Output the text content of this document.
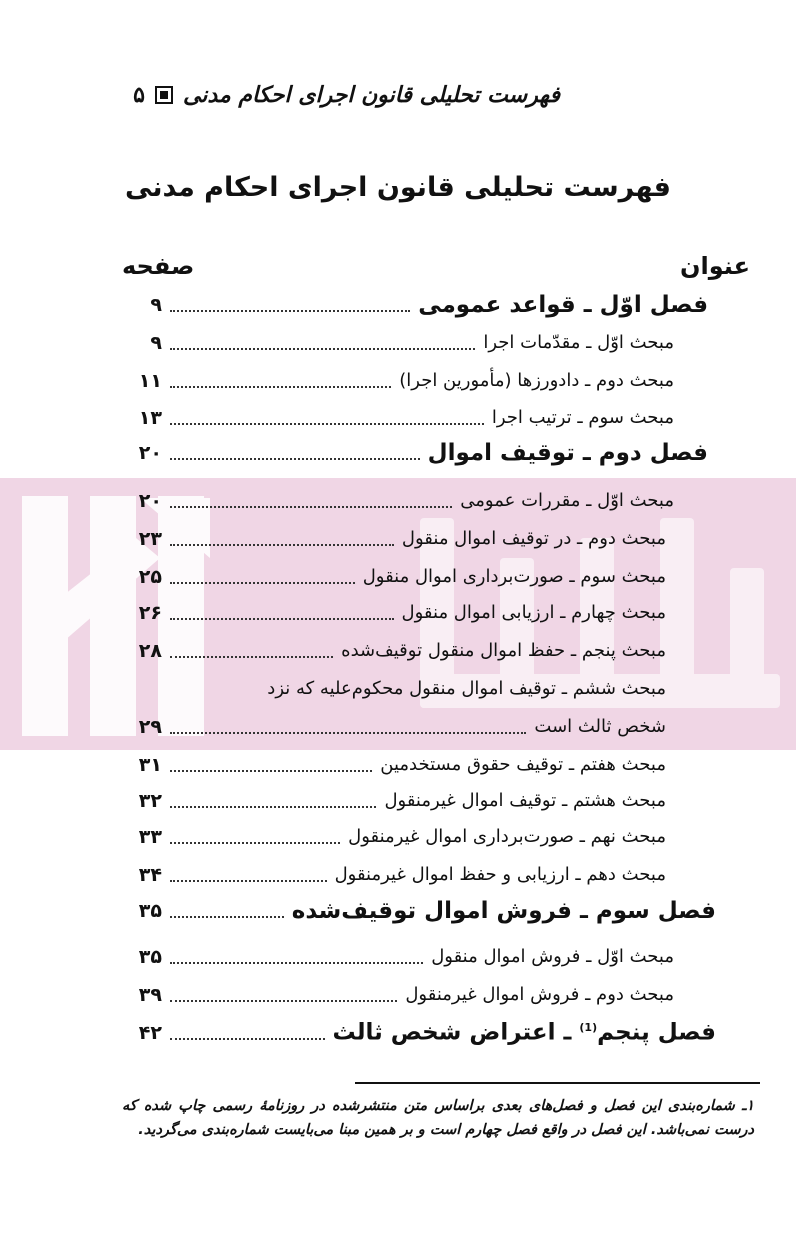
فهرست تحلیلی قانون اجرای احکام مدنی
۵
فهرست تحلیلی قانون اجرای احکام مدنی
عنوان
صفحه
فصل اوّل ـ قواعد عمومی
۹
مبحث اوّل ـ مقدّمات اجرا
۹
مبحث دوم ـ دادورزها (مأمورین اجرا)
۱۱
مبحث سوم ـ ترتیب اجرا
۱۳
فصل دوم ـ توقیف اموال
۲۰
مبحث اوّل ـ مقررات عمومی
۲۰
مبحث دوم ـ در توقیف اموال منقول
۲۳
مبحث سوم ـ صورت‌برداری اموال منقول
۲۵
مبحث چهارم ـ ارزیابی اموال منقول
۲۶
مبحث پنجم ـ حفظ اموال منقول توقیف‌شده
۲۸
مبحث ششم ـ توقیف اموال منقول محکوم‌علیه که نزد
شخص ثالث است
۲۹
مبحث هفتم ـ توقیف حقوق مستخدمین
۳۱
مبحث هشتم ـ توقیف اموال غیرمنقول
۳۲
مبحث نهم ـ صورت‌برداری اموال غیرمنقول
۳۳
مبحث دهم ـ ارزیابی و حفظ اموال غیرمنقول
۳۴
فصل سوم ـ فروش اموال توقیف‌شده
۳۵
مبحث اوّل ـ فروش اموال منقول
۳۵
مبحث دوم ـ فروش اموال غیرمنقول
۳۹
فصل پنجم$^{(1)}$ ـ اعتراض شخص ثالث
۴۲
۱ـ شماره‌بندی این فصل و فصل‌های بعدی براساس متن منتشرشده در روزنامهٔ رسمی چاپ شده که درست نمی‌باشد. این فصل در واقع فصل چهارم است و بر همین مبنا می‌بایست شماره‌بندی می‌گردید.
